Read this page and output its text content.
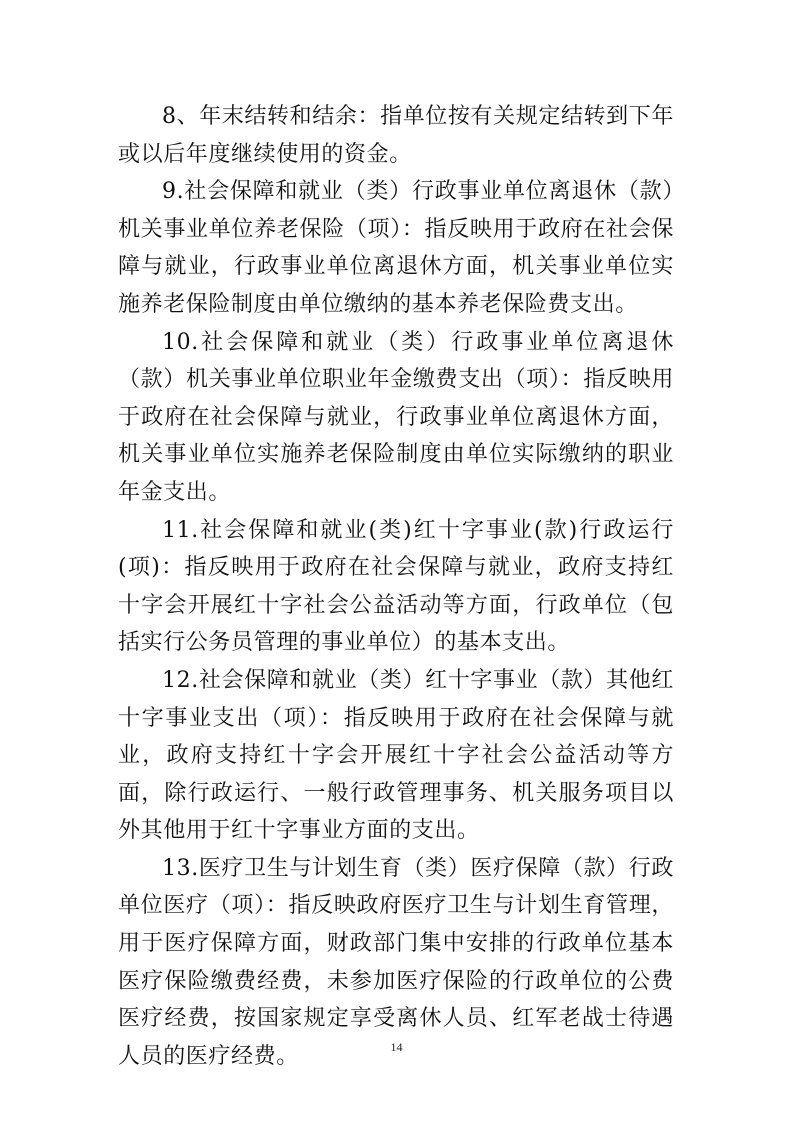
8、年末结转和结余：指单位按有关规定结转到下年或以后年度继续使用的资金。

9.社会保障和就业（类）行政事业单位离退休（款）机关事业单位养老保险（项）：指反映用于政府在社会保障与就业，行政事业单位离退休方面，机关事业单位实施养老保险制度由单位缴纳的基本养老保险费支出。

10.社会保障和就业（类）行政事业单位离退休（款）机关事业单位职业年金缴费支出（项）：指反映用于政府在社会保障与就业，行政事业单位离退休方面，机关事业单位实施养老保险制度由单位实际缴纳的职业年金支出。

11.社会保障和就业(类)红十字事业(款)行政运行(项)：指反映用于政府在社会保障与就业，政府支持红十字会开展红十字社会公益活动等方面，行政单位（包括实行公务员管理的事业单位）的基本支出。

12.社会保障和就业（类）红十字事业（款）其他红十字事业支出（项）：指反映用于政府在社会保障与就业，政府支持红十字会开展红十字社会公益活动等方面，除行政运行、一般行政管理事务、机关服务项目以外其他用于红十字事业方面的支出。

13.医疗卫生与计划生育（类）医疗保障（款）行政单位医疗（项）：指反映政府医疗卫生与计划生育管理，用于医疗保障方面，财政部门集中安排的行政单位基本医疗保险缴费经费，未参加医疗保险的行政单位的公费医疗经费，按国家规定享受离休人员、红军老战士待遇人员的医疗经费。	14
